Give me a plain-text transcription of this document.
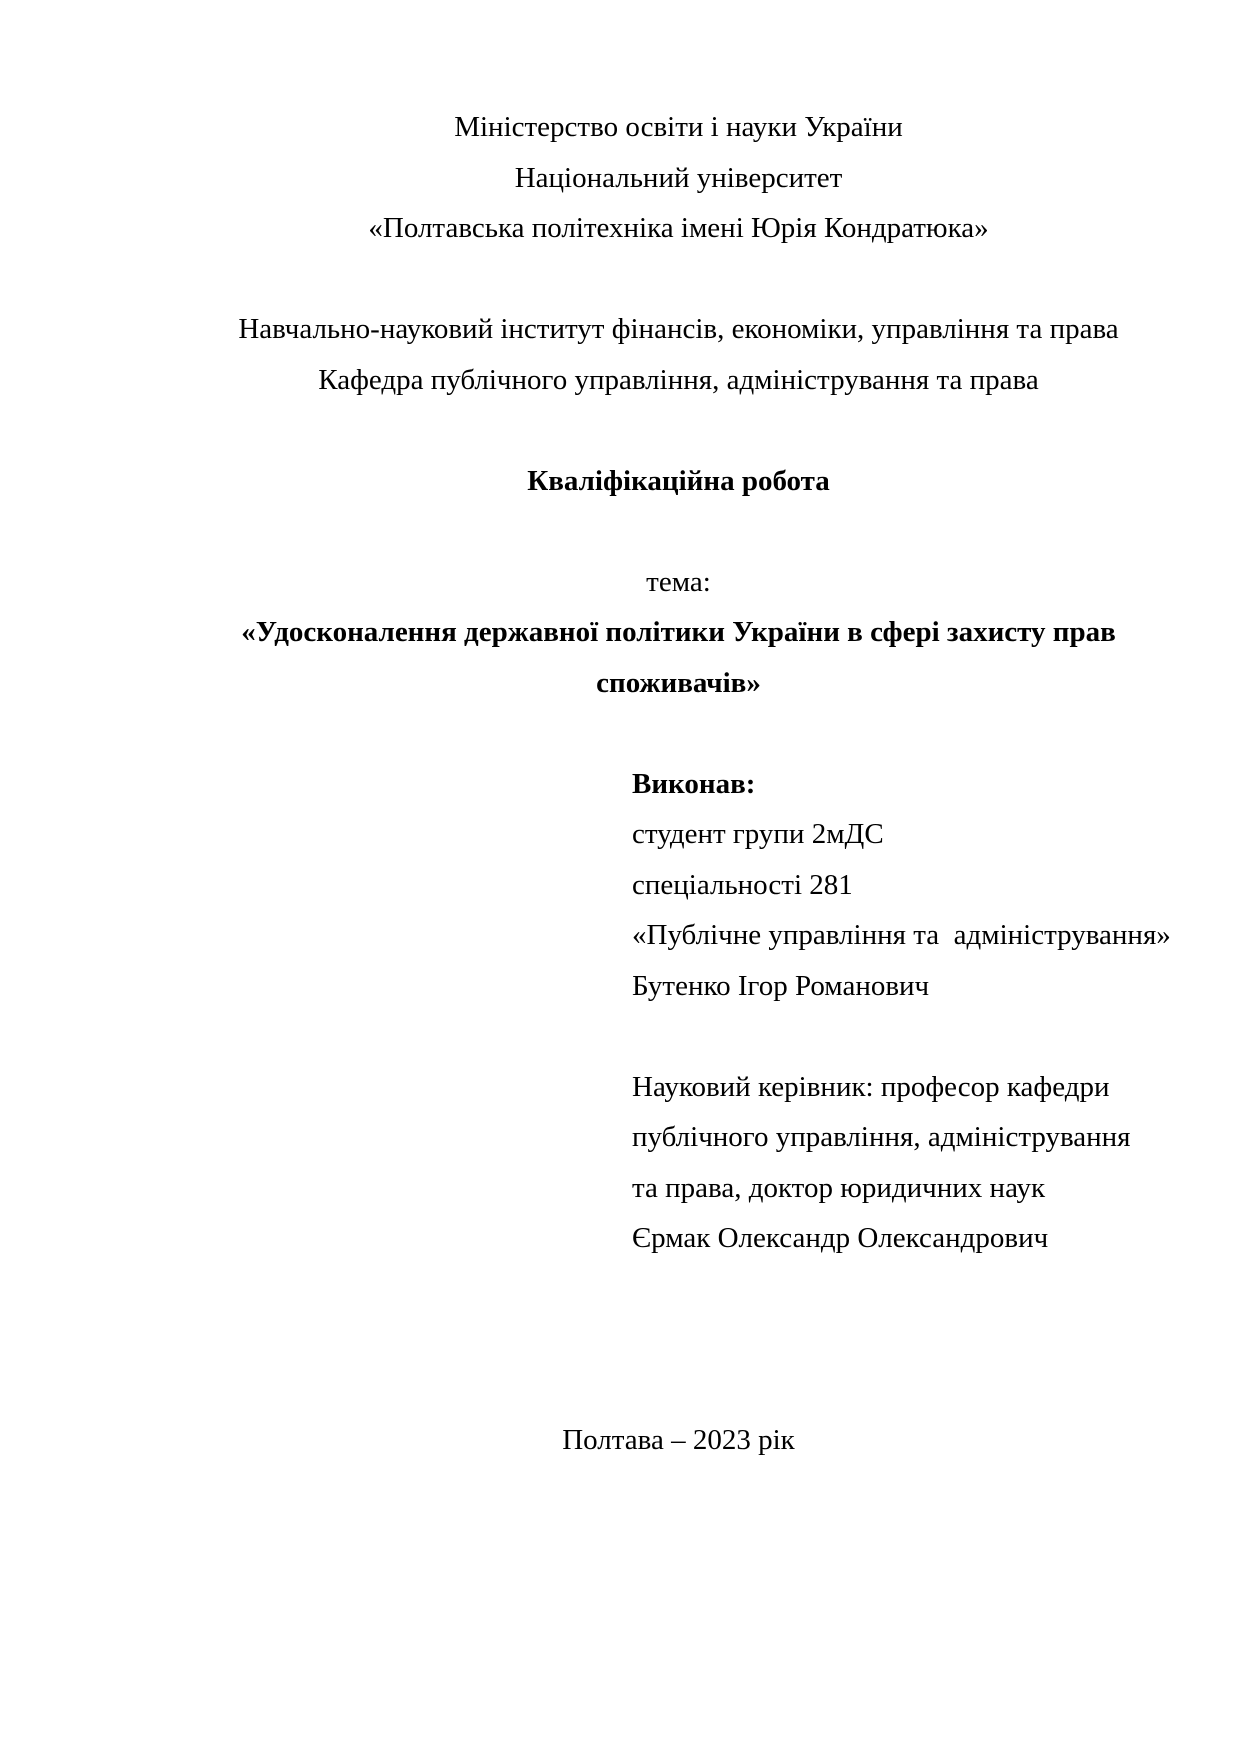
Міністерство освіти і науки України
Національний університет
«Полтавська політехніка імені Юрія Кондратюка»
Навчально-науковий інститут фінансів, економіки, управління та права
Кафедра публічного управління, адміністрування та права
Кваліфікаційна робота
тема:
«Удосконалення державної політики України в сфері захисту прав
споживачів»
Виконав:
студент групи 2мДС
спеціальності 281
«Публічне управління та  адміністрування»
Бутенко Ігор Романович
Науковий керівник: професор кафедри
публічного управління, адміністрування
та права, доктор юридичних наук
Єрмак Олександр Олександрович
Полтава – 2023 рік
